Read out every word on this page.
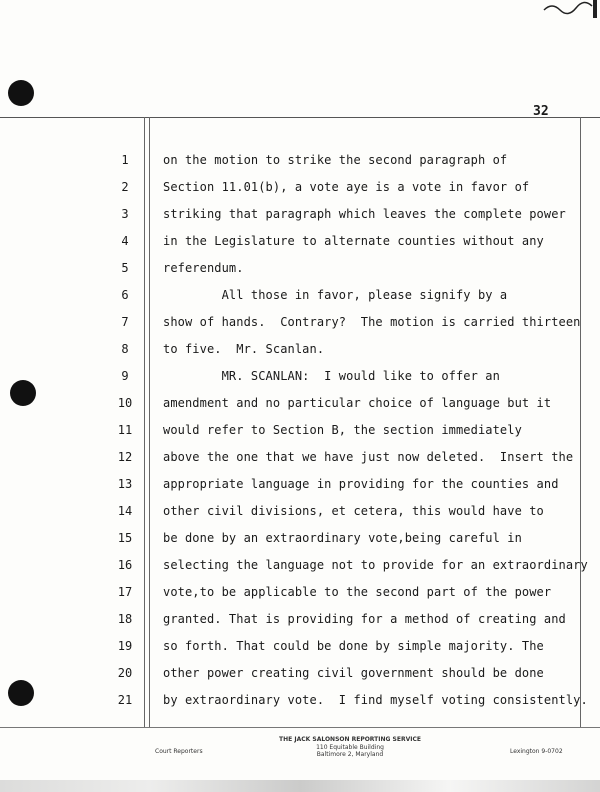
32
1	on the motion to strike the second paragraph of
2	Section 11.01(b), a vote aye is a vote in favor of
3	striking that paragraph which leaves the complete power
4	in the Legislature to alternate counties without any
5	referendum.
6	All those in favor, please signify by a
7	show of hands.  Contrary?  The motion is carried thirteen
8	to five.  Mr. Scanlan.
9	MR. SCANLAN:  I would like to offer an
10	amendment and no particular choice of language but it
11	would refer to Section B, the section immediately
12	above the one that we have just now deleted.  Insert the
13	appropriate language in providing for the counties and
14	other civil divisions, et cetera, this would have to
15	be done by an extraordinary vote,being careful in
16	selecting the language not to provide for an extraordinary
17	vote,to be applicable to the second part of the power
18	granted. That is providing for a method of creating and
19	so forth. That could be done by simple majority. The
20	other power creating civil government should be done
21	by extraordinary vote.  I find myself voting consistently.
Court Reporters
THE JACK SALONSON REPORTING SERVICE
110 Equitable Building
Baltimore 2, Maryland	Lexington 9-0702
